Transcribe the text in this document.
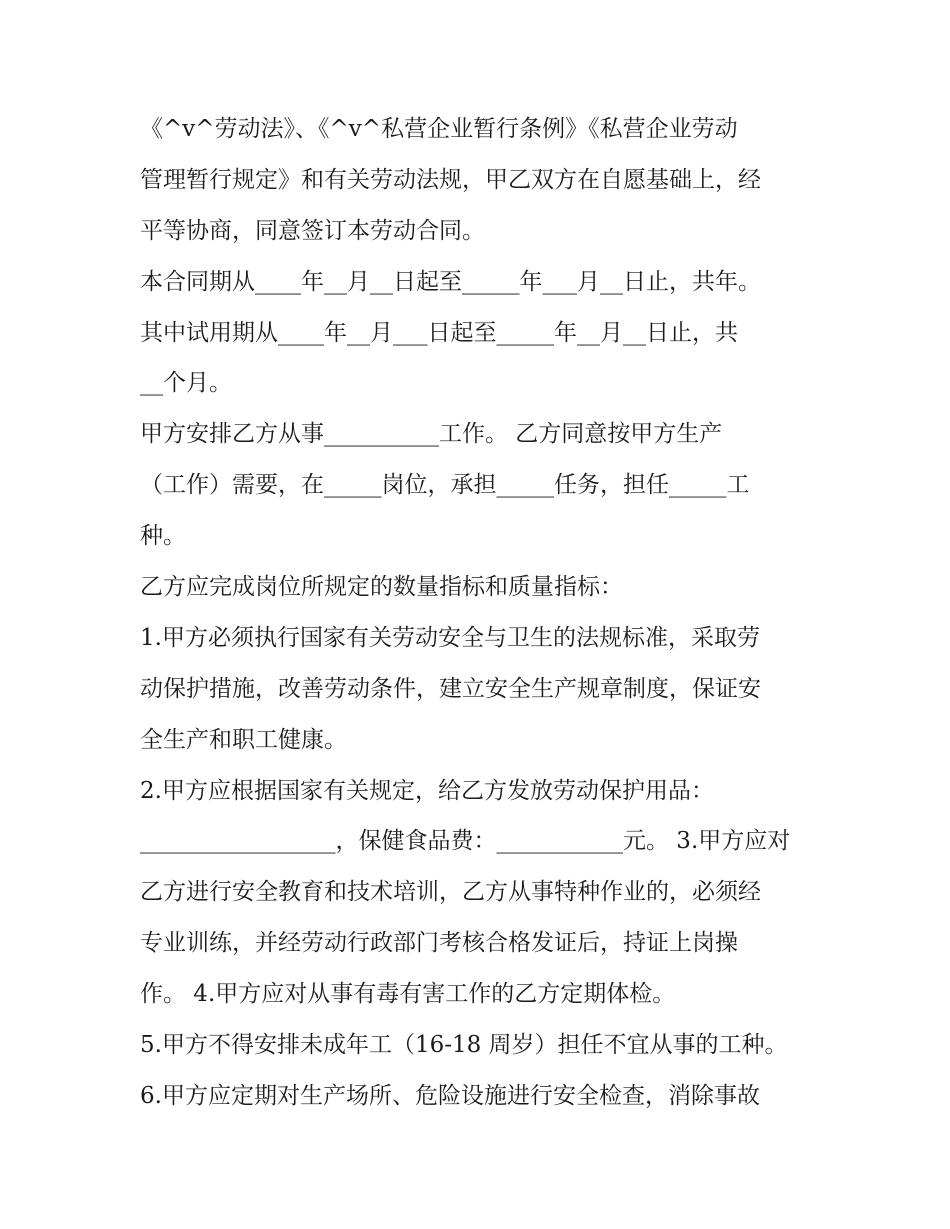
《^v^劳动法》、《^v^私营企业暂行条例》《私营企业劳动
管理暂行规定》和有关劳动法规，甲乙双方在自愿基础上，经
平等协商，同意签订本劳动合同。
本合同期从____年__月__日起至_____年___月__日止，共年。
其中试用期从____年__月___日起至_____年__月__日止，共
__个月。
甲方安排乙方从事__________工作。 乙方同意按甲方生产
（工作）需要，在_____岗位，承担_____任务，担任_____工
种。
乙方应完成岗位所规定的数量指标和质量指标：
1.甲方必须执行国家有关劳动安全与卫生的法规标准，采取劳
动保护措施，改善劳动条件，建立安全生产规章制度，保证安
全生产和职工健康。
2.甲方应根据国家有关规定，给乙方发放劳动保护用品：
_________________，保健食品费：___________元。 3.甲方应对
乙方进行安全教育和技术培训，乙方从事特种作业的，必须经
专业训练，并经劳动行政部门考核合格发证后，持证上岗操
作。 4.甲方应对从事有毒有害工作的乙方定期体检。
5.甲方不得安排未成年工（16-18 周岁）担任不宜从事的工种。
6.甲方应定期对生产场所、危险设施进行安全检查，消除事故
